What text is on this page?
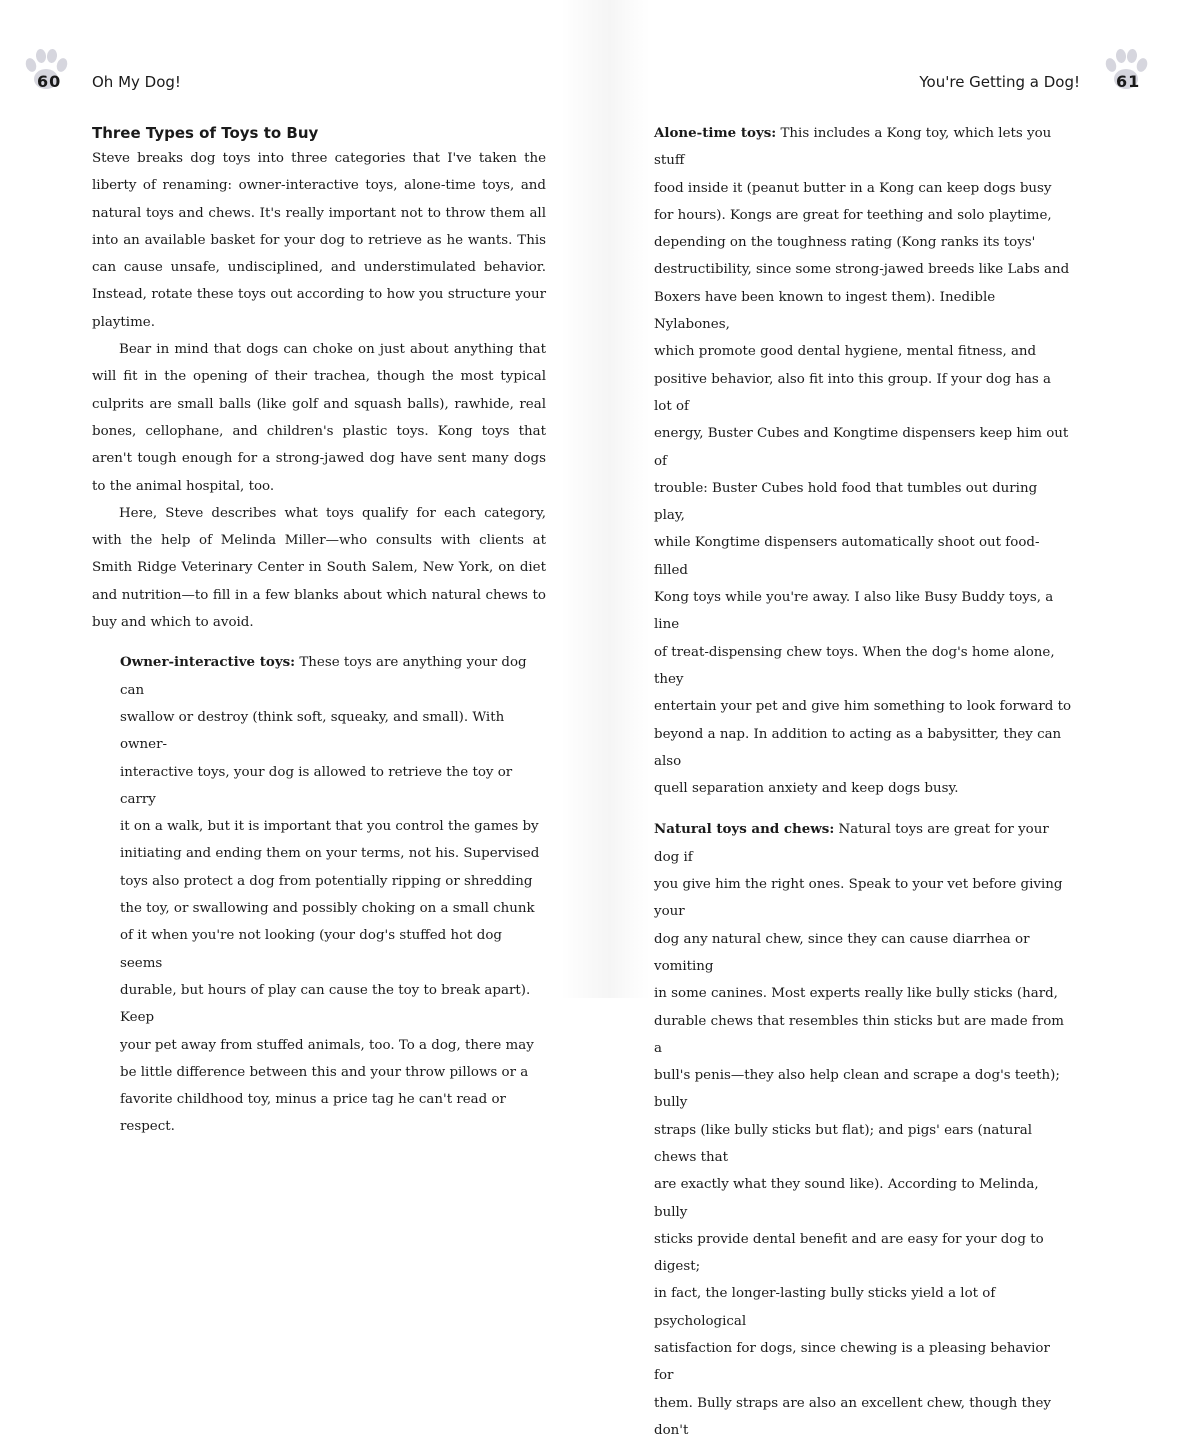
60 Oh My Dog!	You're Getting a Dog! 61
Three Types of Toys to Buy

Steve breaks dog toys into three categories that I've taken the liberty of renaming: owner-interactive toys, alone-time toys, and natural toys and chews. It's really important not to throw them all into an available basket for your dog to retrieve as he wants. This can cause unsafe, undisciplined, and understimulated behavior. Instead, rotate these toys out according to how you structure your playtime.

Bear in mind that dogs can choke on just about anything that will fit in the opening of their trachea, though the most typical culprits are small balls (like golf and squash balls), rawhide, real bones, cellophane, and children's plastic toys. Kong toys that aren't tough enough for a strong-jawed dog have sent many dogs to the animal hospital, too.

Here, Steve describes what toys qualify for each category, with the help of Melinda Miller—who consults with clients at Smith Ridge Veterinary Center in South Salem, New York, on diet and nutrition—to fill in a few blanks about which natural chews to buy and which to avoid.

Owner-interactive toys: These toys are anything your dog can
swallow or destroy (think soft, squeaky, and small). With owner-
interactive toys, your dog is allowed to retrieve the toy or carry
it on a walk, but it is important that you control the games by
initiating and ending them on your terms, not his. Supervised
toys also protect a dog from potentially ripping or shredding
the toy, or swallowing and possibly choking on a small chunk
of it when you're not looking (your dog's stuffed hot dog seems
durable, but hours of play can cause the toy to break apart). Keep
your pet away from stuffed animals, too. To a dog, there may
be little difference between this and your throw pillows or a
favorite childhood toy, minus a price tag he can't read or respect.

Alone-time toys: This includes a Kong toy, which lets you stuff
food inside it (peanut butter in a Kong can keep dogs busy
for hours). Kongs are great for teething and solo playtime,
depending on the toughness rating (Kong ranks its toys'
destructibility, since some strong-jawed breeds like Labs and
Boxers have been known to ingest them). Inedible Nylabones,
which promote good dental hygiene, mental fitness, and
positive behavior, also fit into this group. If your dog has a lot of
energy, Buster Cubes and Kongtime dispensers keep him out of
trouble: Buster Cubes hold food that tumbles out during play,
while Kongtime dispensers automatically shoot out food-filled
Kong toys while you're away. I also like Busy Buddy toys, a line
of treat-dispensing chew toys. When the dog's home alone, they
entertain your pet and give him something to look forward to
beyond a nap. In addition to acting as a babysitter, they can also
quell separation anxiety and keep dogs busy.

Natural toys and chews: Natural toys are great for your dog if
you give him the right ones. Speak to your vet before giving your
dog any natural chew, since they can cause diarrhea or vomiting
in some canines. Most experts really like bully sticks (hard,
durable chews that resembles thin sticks but are made from a
bull's penis—they also help clean and scrape a dog's teeth); bully
straps (like bully sticks but flat); and pigs' ears (natural chews that
are exactly what they sound like). According to Melinda, bully
sticks provide dental benefit and are easy for your dog to digest;
in fact, the longer-lasting bully sticks yield a lot of psychological
satisfaction for dogs, since chewing is a pleasing behavior for
them. Bully straps are also an excellent chew, though they don't
